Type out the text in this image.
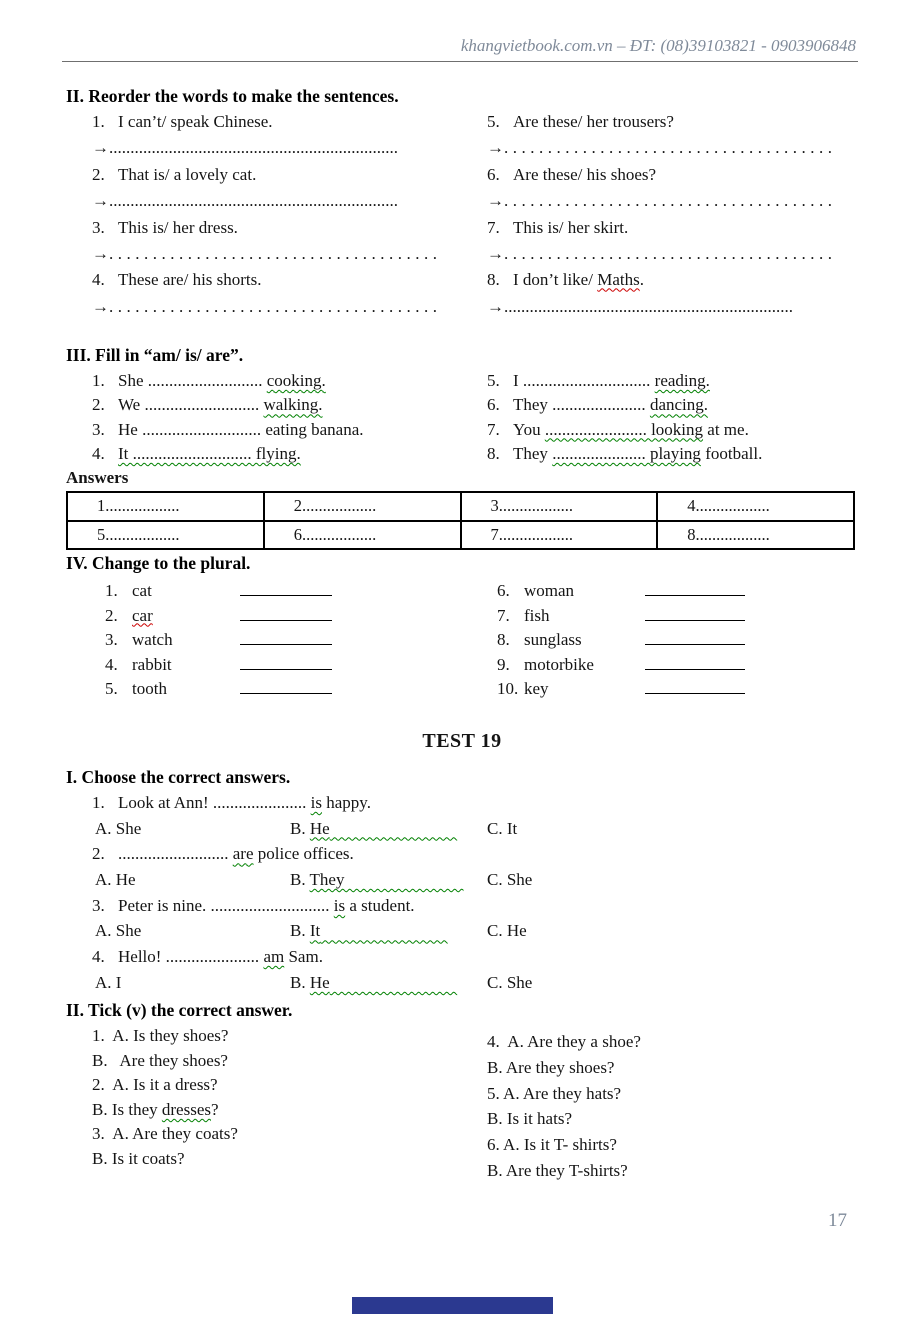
khangvietbook.com.vn – ĐT: (08)39103821 - 0903906848
II. Reorder the words to make the sentences.
1. I can’t/ speak Chinese.
→....................................................................
2. That is/ a lovely cat.
→....................................................................
3. This is/ her dress.
→......................................
4. These are/ his shorts.
→......................................
5. Are these/ her trousers?
→......................................
6. Are these/ his shoes?
→......................................
7. This is/ her skirt.
→......................................
8. I don’t like/ Maths.
→....................................................................
III. Fill in “am/ is/ are”.
1. She ........................... cooking.
2. We ........................... walking.
3. He ............................ eating banana.
4. It ............................ flying.
5. I .............................. reading.
6. They ...................... dancing.
7. You ........................ looking at me.
8. They ...................... playing football.
Answers
1..................	2..................	3..................	4..................
5..................	6..................	7..................	8..................
IV. Change to the plural.
1. cat
2. car
3. watch
4. rabbit
5. tooth
6. woman
7. fish
8. sunglass
9. motorbike
10. key
TEST 19
I. Choose the correct answers.
1. Look at Ann! ...................... is happy.
A. She	B. He	C. It
2. .......................... are police offices.
A. He	B. They	C. She
3. Peter is nine. ............................ is a student.
A. She	B. It	C. He
4. Hello! ...................... am Sam.
A. I	B. He	C. She
II. Tick (v) the correct answer.
1.  A. Is they shoes?
B.   Are they shoes?
2.  A. Is it a dress?
B. Is they dresses?
3.  A. Are they coats?
B. Is it coats?
4.  A. Are they a shoe?
B. Are they shoes?
5. A. Are they hats?
B. Is it hats?
6. A. Is it T- shirts?
B. Are they T-shirts?
17
